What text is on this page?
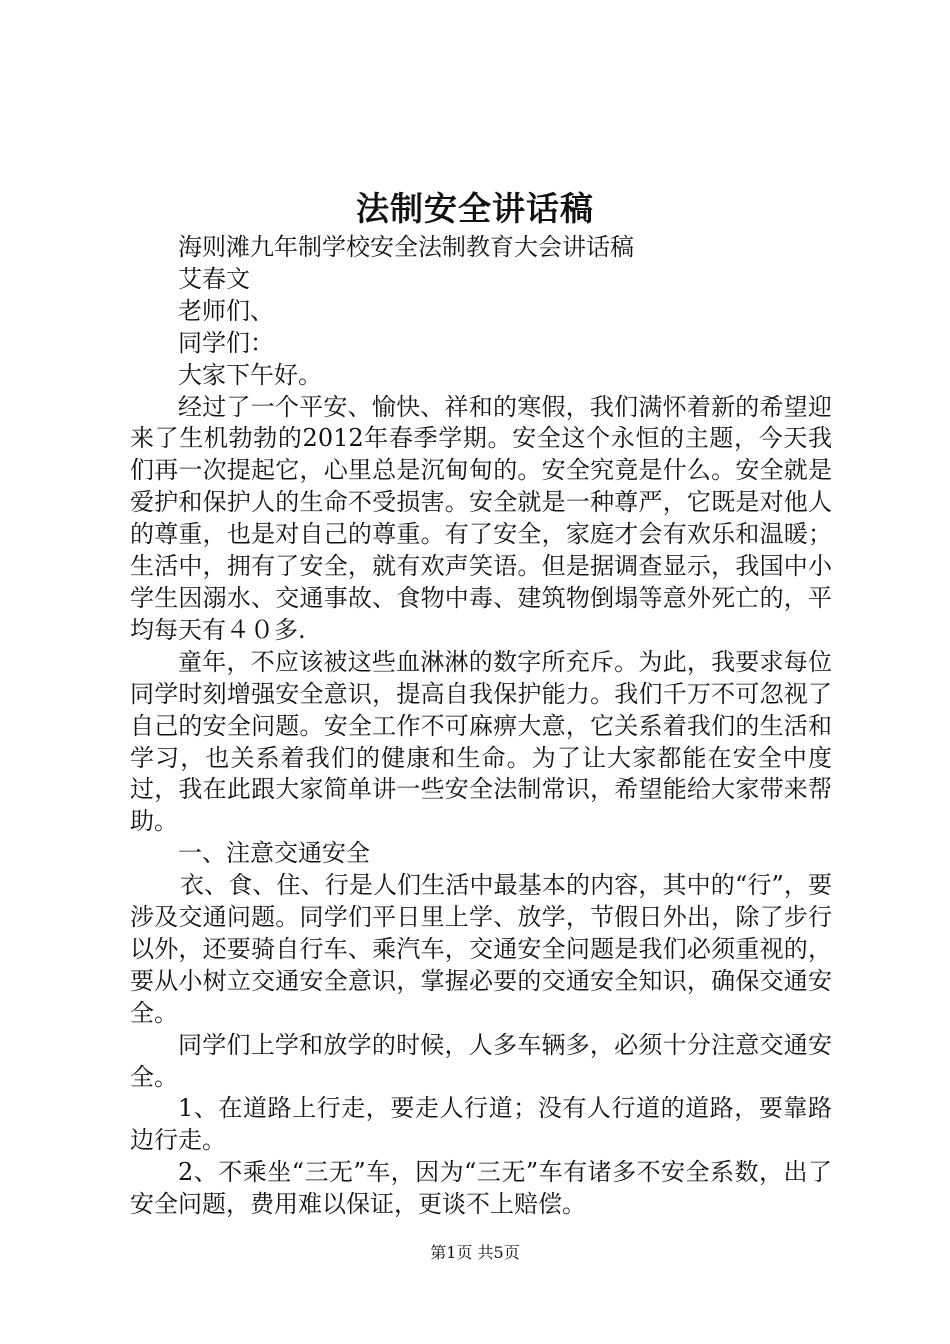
法制安全讲话稿

海则滩九年制学校安全法制教育大会讲话稿

艾春文

老师们、

同学们：

大家下午好。

经过了一个平安、愉快、祥和的寒假，我们满怀着新的希望迎来了生机勃勃的2012年春季学期。安全这个永恒的主题，今天我们再一次提起它，心里总是沉甸甸的。安全究竟是什么。安全就是爱护和保护人的生命不受损害。安全就是一种尊严，它既是对他人的尊重，也是对自己的尊重。有了安全，家庭才会有欢乐和温暖；生活中，拥有了安全，就有欢声笑语。但是据调查显示，我国中小学生因溺水、交通事故、食物中毒、建筑物倒塌等意外死亡的，平均每天有４０多.

童年，不应该被这些血淋淋的数字所充斥。为此，我要求每位同学时刻增强安全意识，提高自我保护能力。我们千万不可忽视了自己的安全问题。安全工作不可麻痹大意，它关系着我们的生活和学习，也关系着我们的健康和生命。为了让大家都能在安全中度过，我在此跟大家简单讲一些安全法制常识，希望能给大家带来帮助。

一、注意交通安全

衣、食、住、行是人们生活中最基本的内容，其中的“行”，要涉及交通问题。同学们平日里上学、放学，节假日外出，除了步行以外，还要骑自行车、乘汽车，交通安全问题是我们必须重视的，要从小树立交通安全意识，掌握必要的交通安全知识，确保交通安全。

同学们上学和放学的时候，人多车辆多，必须十分注意交通安全。

1、在道路上行走，要走人行道；没有人行道的道路，要靠路边行走。

2、不乘坐“三无”车，因为“三无”车有诸多不安全系数，出了安全问题，费用难以保证，更谈不上赔偿。

第1页 共5页
